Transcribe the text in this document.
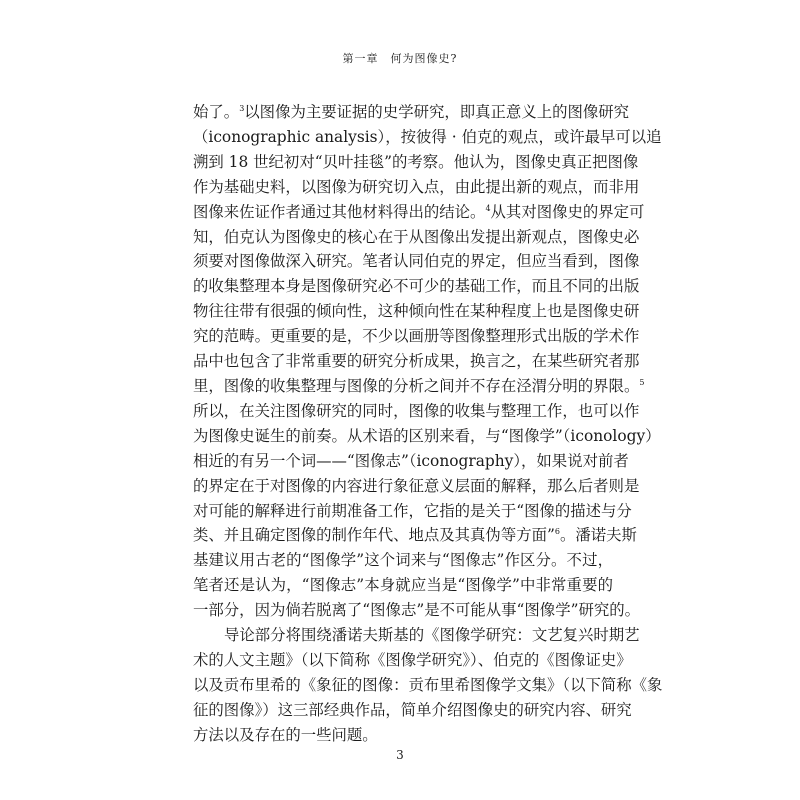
第一章　何为图像史?

始了。$^3$以图像为主要证据的史学研究，即真正意义上的图像研究
（iconographic analysis），按彼得 · 伯克的观点，或许最早可以追
溯到 18 世纪初对“贝叶挂毯”的考察。他认为，图像史真正把图像
作为基础史料，以图像为研究切入点，由此提出新的观点，而非用
图像来佐证作者通过其他材料得出的结论。$^4$从其对图像史的界定可
知，伯克认为图像史的核心在于从图像出发提出新观点，图像史必
须要对图像做深入研究。笔者认同伯克的界定，但应当看到，图像
的收集整理本身是图像研究必不可少的基础工作，而且不同的出版
物往往带有很强的倾向性，这种倾向性在某种程度上也是图像史研
究的范畴。更重要的是，不少以画册等图像整理形式出版的学术作
品中也包含了非常重要的研究分析成果，换言之，在某些研究者那
里，图像的收集整理与图像的分析之间并不存在泾渭分明的界限。$^5$
所以，在关注图像研究的同时，图像的收集与整理工作，也可以作
为图像史诞生的前奏。从术语的区别来看，与“图像学”（iconology）
相近的有另一个词——“图像志”（iconography），如果说对前者
的界定在于对图像的内容进行象征意义层面的解释，那么后者则是
对可能的解释进行前期准备工作，它指的是关于“图像的描述与分
类、并且确定图像的制作年代、地点及其真伪等方面”$^6$。潘诺夫斯
基建议用古老的“图像学”这个词来与“图像志”作区分。不过，
笔者还是认为，“图像志”本身就应当是“图像学”中非常重要的
一部分，因为倘若脱离了“图像志”是不可能从事“图像学”研究的。

导论部分将围绕潘诺夫斯基的《图像学研究：文艺复兴时期艺
术的人文主题》（以下简称《图像学研究》）、伯克的《图像证史》
以及贡布里希的《象征的图像：贡布里希图像学文集》（以下简称《象
征的图像》）这三部经典作品，简单介绍图像史的研究内容、研究
方法以及存在的一些问题。

3
